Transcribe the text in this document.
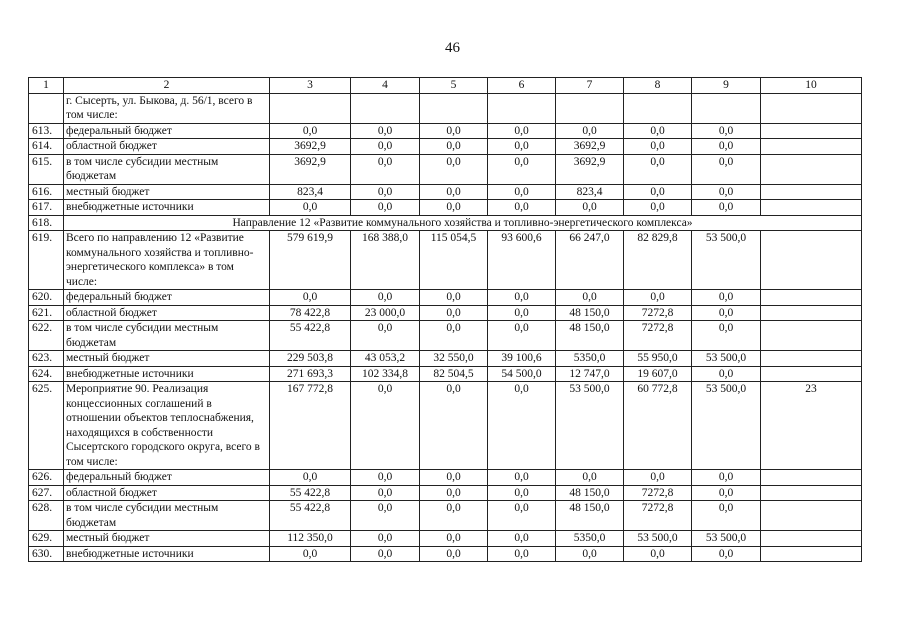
46
1	2	3	4	5	6	7	8	9	10
	г. Сысерть, ул. Быкова, д. 56/1, всего в том числе:								
613.	федеральный бюджет	0,0	0,0	0,0	0,0	0,0	0,0	0,0	
614.	областной бюджет	3692,9	0,0	0,0	0,0	3692,9	0,0	0,0	
615.	в том числе субсидии местным бюджетам	3692,9	0,0	0,0	0,0	3692,9	0,0	0,0	
616.	местный бюджет	823,4	0,0	0,0	0,0	823,4	0,0	0,0	
617.	внебюджетные источники	0,0	0,0	0,0	0,0	0,0	0,0	0,0	
618.	Направление 12 «Развитие коммунального хозяйства и топливно-энергетического комплекса»								
619.	Всего по направлению 12 «Развитие коммунального хозяйства и топливно-энергетического комплекса» в том числе:	579 619,9	168 388,0	115 054,5	93 600,6	66 247,0	82 829,8	53 500,0	
620.	федеральный бюджет	0,0	0,0	0,0	0,0	0,0	0,0	0,0	
621.	областной бюджет	78 422,8	23 000,0	0,0	0,0	48 150,0	7272,8	0,0	
622.	в том числе субсидии местным бюджетам	55 422,8	0,0	0,0	0,0	48 150,0	7272,8	0,0	
623.	местный бюджет	229 503,8	43 053,2	32 550,0	39 100,6	5350,0	55 950,0	53 500,0	
624.	внебюджетные источники	271 693,3	102 334,8	82 504,5	54 500,0	12 747,0	19 607,0	0,0	
625.	Мероприятие 90. Реализация концессионных соглашений в отношении объектов теплоснабжения, находящихся в собственности Сысертского городского округа, всего в том числе:	167 772,8	0,0	0,0	0,0	53 500,0	60 772,8	53 500,0	23
626.	федеральный бюджет	0,0	0,0	0,0	0,0	0,0	0,0	0,0	
627.	областной бюджет	55 422,8	0,0	0,0	0,0	48 150,0	7272,8	0,0	
628.	в том числе субсидии местным бюджетам	55 422,8	0,0	0,0	0,0	48 150,0	7272,8	0,0	
629.	местный бюджет	112 350,0	0,0	0,0	0,0	5350,0	53 500,0	53 500,0	
630.	внебюджетные источники	0,0	0,0	0,0	0,0	0,0	0,0	0,0	
